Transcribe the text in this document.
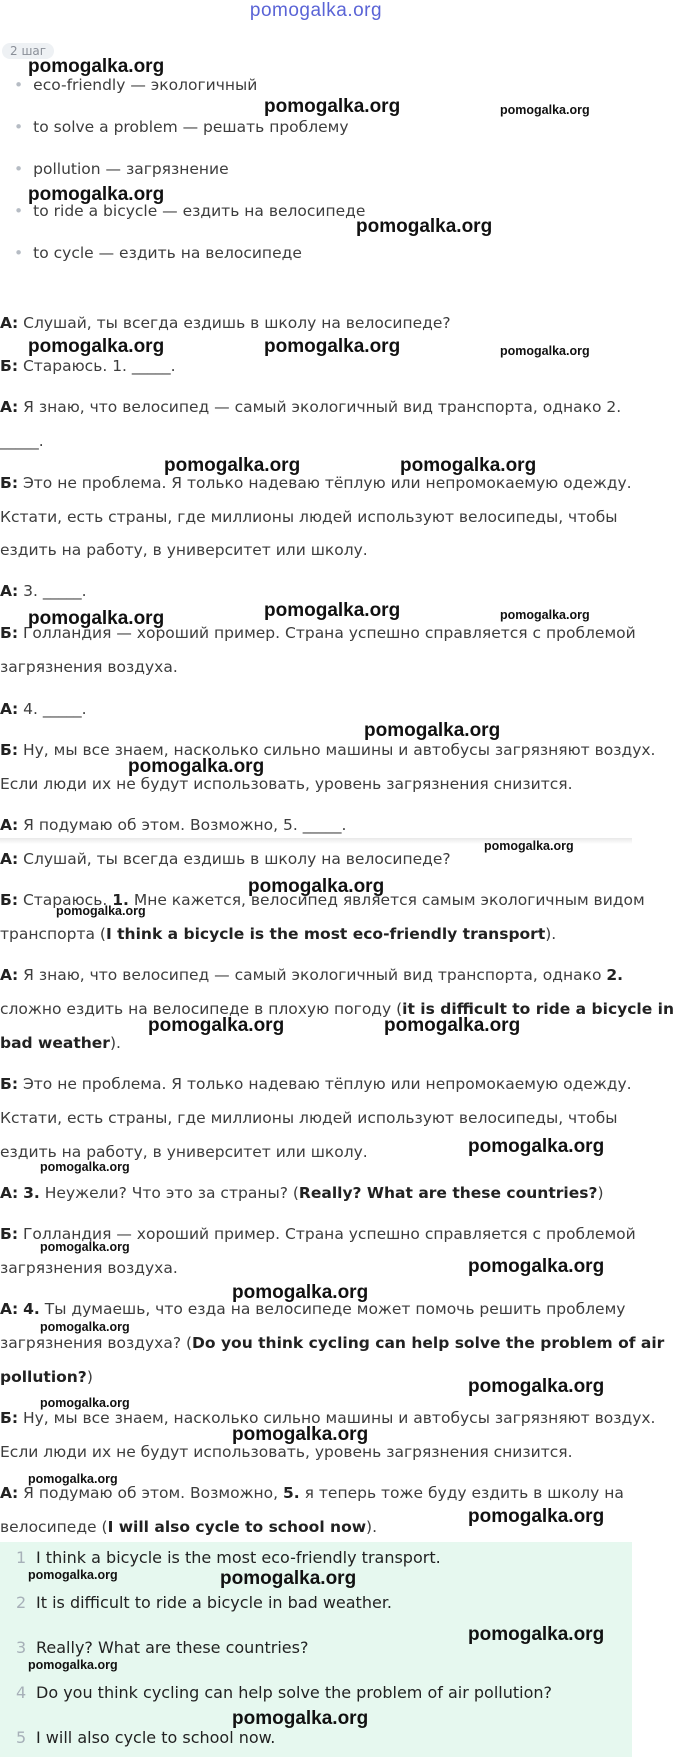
pomogalka.org
2 шаг
• eco-friendly — экологичный
• to solve a problem — решать проблему
• pollution — загрязнение
• to ride a bicycle — ездить на велосипеде
• to cycle — ездить на велосипеде
А: Слушай, ты всегда ездишь в школу на велосипеде?
Б: Стараюсь. 1. _____.
А: Я знаю, что велосипед — самый экологичный вид транспорта, однако 2.
_____.
Б: Это не проблема. Я только надеваю тёплую или непромокаемую одежду.
Кстати, есть страны, где миллионы людей используют велосипеды, чтобы
ездить на работу, в университет или школу.
А: 3. _____.
Б: Голландия — хороший пример. Страна успешно справляется с проблемой
загрязнения воздуха.
А: 4. _____.
Б: Ну, мы все знаем, насколько сильно машины и автобусы загрязняют воздух.
Если люди их не будут использовать, уровень загрязнения снизится.
А: Я подумаю об этом. Возможно, 5. _____.
А: Слушай, ты всегда ездишь в школу на велосипеде?
Б: Стараюсь. 1. Мне кажется, велосипед является самым экологичным видом
транспорта (I think a bicycle is the most eco-friendly transport).
А: Я знаю, что велосипед — самый экологичный вид транспорта, однако 2.
сложно ездить на велосипеде в плохую погоду (it is difficult to ride a bicycle in
bad weather).
Б: Это не проблема. Я только надеваю тёплую или непромокаемую одежду.
Кстати, есть страны, где миллионы людей используют велосипеды, чтобы
ездить на работу, в университет или школу.
А: 3. Неужели? Что это за страны? (Really? What are these countries?)
Б: Голландия — хороший пример. Страна успешно справляется с проблемой
загрязнения воздуха.
А: 4. Ты думаешь, что езда на велосипеде может помочь решить проблему
загрязнения воздуха? (Do you think cycling can help solve the problem of air
pollution?)
Б: Ну, мы все знаем, насколько сильно машины и автобусы загрязняют воздух.
Если люди их не будут использовать, уровень загрязнения снизится.
А: Я подумаю об этом. Возможно, 5. я теперь тоже буду ездить в школу на
велосипеде (I will also cycle to school now).
1 I think a bicycle is the most eco-friendly transport.
2 It is difficult to ride a bicycle in bad weather.
3 Really? What are these countries?
4 Do you think cycling can help solve the problem of air pollution?
5 I will also cycle to school now.
pomogalka.org
pomogalka.org	pomogalka.org
pomogalka.org
pomogalka.org
pomogalka.org	pomogalka.org	pomogalka.org
pomogalka.org	pomogalka.org
pomogalka.org	pomogalka.org	pomogalka.org
pomogalka.org
pomogalka.org
pomogalka.org
pomogalka.org
pomogalka.org
pomogalka.org	pomogalka.org
pomogalka.org
pomogalka.org
pomogalka.org
pomogalka.org
pomogalka.org
pomogalka.org
pomogalka.org
pomogalka.org
pomogalka.org
pomogalka.org
pomogalka.org
pomogalka.org	pomogalka.org
pomogalka.org
pomogalka.org
pomogalka.org
